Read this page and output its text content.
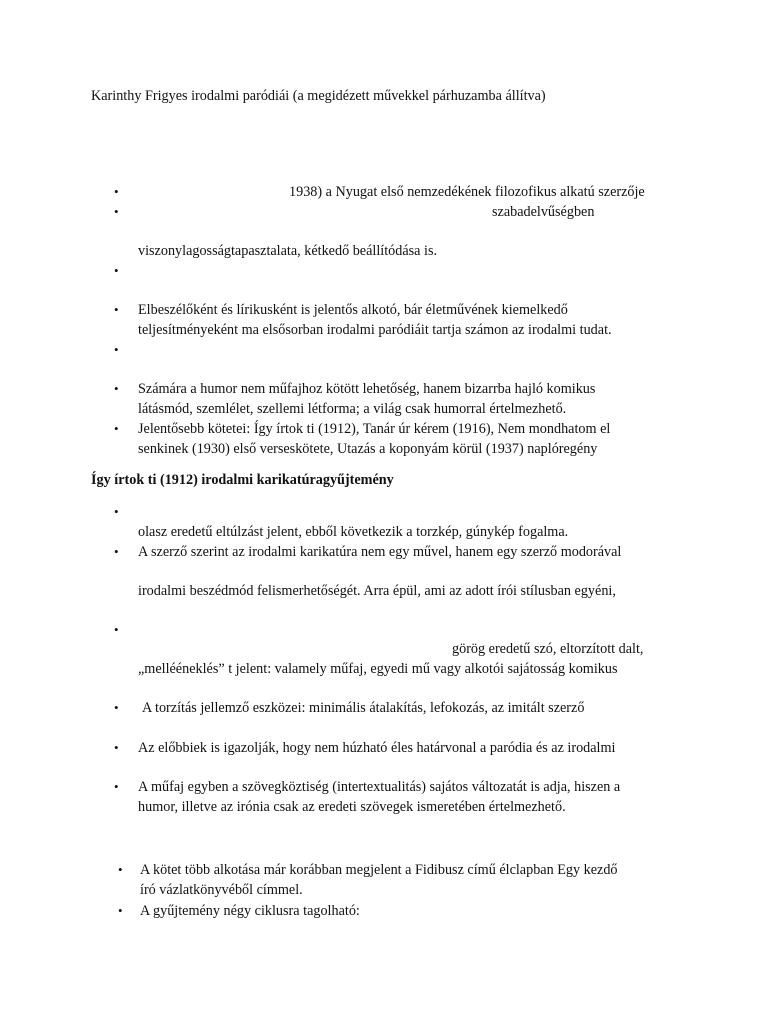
Karinthy Frigyes irodalmi paródiái (a megidézett művekkel párhuzamba állítva)
•	1938) a Nyugat első nemzedékének filozofikus alkatú szerzője
•	szabadelvűségben
viszonylagosságtapasztalata, kétkedő beállítódása is.
•
• Elbeszélőként és lírikusként is jelentős alkotó, bár életművének kiemelkedő
teljesítményeként ma elsősorban irodalmi paródiáit tartja számon az irodalmi tudat.
•
• Számára a humor nem műfajhoz kötött lehetőség, hanem bizarrba hajló komikus
látásmód, szemlélet, szellemi létforma; a világ csak humorral értelmezhető.
• Jelentősebb kötetei: Így írtok ti (1912), Tanár úr kérem (1916), Nem mondhatom el
senkinek (1930) első verseskötete, Utazás a koponyám körül (1937) naplóregény
Így írtok ti (1912) irodalmi karikatúragyűjtemény
•
olasz eredetű eltúlzást jelent, ebből következik a torzkép, gúnykép fogalma.
• A szerző szerint az irodalmi karikatúra nem egy művel, hanem egy szerző modorával
irodalmi beszédmód felismerhetőségét. Arra épül, ami az adott írói stílusban egyéni,
•
görög eredetű szó, eltorzított dalt,
„mellééneklés” t jelent: valamely műfaj, egyedi mű vagy alkotói sajátosság komikus
• A torzítás jellemző eszközei: minimális átalakítás, lefokozás, az imitált szerző
• Az előbbiek is igazolják, hogy nem húzható éles határvonal a paródia és az irodalmi
• A műfaj egyben a szövegköztiség (intertextualitás) sajátos változatát is adja, hiszen a
humor, illetve az irónia csak az eredeti szövegek ismeretében értelmezhető.
• A kötet több alkotása már korábban megjelent a Fidibusz című élclapban Egy kezdő
író vázlatkönyvéből címmel.
• A gyűjtemény négy ciklusra tagolható:
